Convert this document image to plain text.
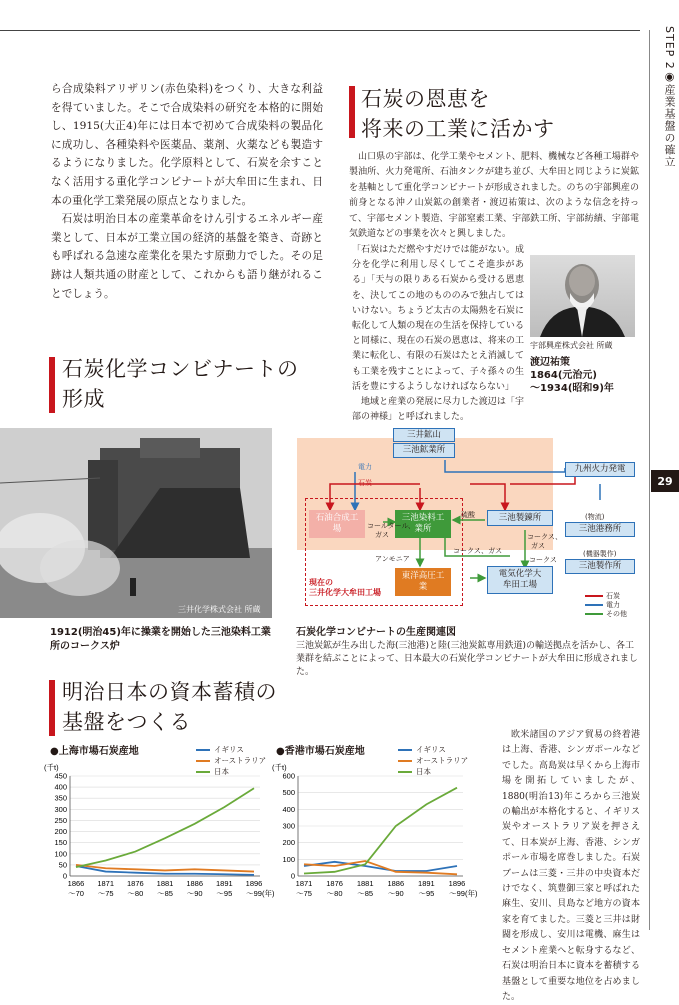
STEP 2◉産業基盤の確立
29

ら合成染料アリザリン(赤色染料)をつくり、大きな利益を得ていました。そこで合成染料の研究を本格的に開始し、1915(大正4)年には日本で初めて合成染料の製品化に成功し、各種染料や医薬品、薬剤、火薬なども製造するようになりました。化学原料として、石炭を余すことなく活用する重化学コンビナートが大牟田に生まれ、日本の重化学工業発展の原点となりました。

石炭は明治日本の産業革命をけん引するエネルギー産業として、日本が工業立国の経済的基盤を築き、奇跡とも呼ばれる急速な産業化を果たす原動力でした。その足跡は人類共通の財産として、これからも語り継がれることでしょう。

石炭の恩恵を
将来の工業に活かす
山口県の宇部は、化学工業やセメント、肥料、機械など各種工場群や製油所、火力発電所、石油タンクが建ち並び、大牟田と同じように炭鉱を基軸として重化学コンビナートが形成されました。のちの宇部興産の前身となる沖ノ山炭鉱の創業者・渡辺祐策は、次のような信念を持って、宇部セメント製造、宇部窒素工業、宇部鉄工所、宇部紡績、宇部電気鉄道などの事業を次々と興しました。
「石炭はただ燃やすだけでは能がない。成分を化学に利用し尽くしてこそ進歩がある」「天与の限りある石炭から受ける恩恵を、決してこの地のもののみで独占してはいけない。ちょうど太古の太陽熱を石炭に転化して人類の現在の生活を保持していると同様に、現在の石炭の恩恵は、将来の工業に転化し、有限の石炭はたとえ消滅しても工業を残すことによって、子々孫々の生活を豊にするようしなければならない」
地域と産業の発展に尽力した渡辺は「宇部の神様」と呼ばれました。
宇部興産株式会社 所蔵
渡辺祐策
1864(元治元)
〜1934(昭和9)年
石炭化学コンビナートの
形成
三井化学株式会社 所蔵
1912(明治45)年に操業を開始した三池染料工業
所のコークス炉
三井鉱山
三池鉱業所
九州火力発電
石油合成工場
三池染料工業所
三池製錬所
三池港務所
三池製作所
東洋高圧工業
電気化学大牟田工場
現在の
三井化学大牟田工場
(物流)
(機器製作)
電力
石炭
コールタール、
ガス
硫酸
コークス、ガス
コークス、
ガス
アンモニア	コークス
石炭
電力
その他
石炭化学コンビナートの生産関連図
三池炭鉱が生み出した海(三池港)と陸(三池炭鉱専用鉄道)の輸送拠点を活かし、各工業群を結ぶことによって、日本最大の石炭化学コンビナートが大牟田に形成されました。
明治日本の資本蓄積の
基盤をつくる
欧米諸国のアジア貿易の終着港は上海、香港、シンガポールなどでした。高島炭は早くから上海市場を開拓していましたが、1880(明治13)年ころから三池炭の輸出が本格化すると、イギリス炭やオーストラリア炭を押さえて、日本炭が上海、香港、シンガポール市場を席巻しました。石炭ブームは三菱・三井の中央資本だけでなく、筑豊御三家と呼ばれた麻生、安川、貝島など地方の資本家を育てました。三菱と三井は財閥を形成し、安川は電機、麻生はセメント産業へと転身するなど、石炭は明治日本に資本を蓄積する基盤として重要な地位を占めました。
●上海市場石炭産地	●香港市場石炭産地
イギリス
オーストラリア
日本
イギリス
オーストラリア
日本
(千t)
0
50
100
150
200
250
300
350
400
450
1866
〜70
1871
〜75
1876
〜80
1881
〜85
1886
〜90
1891
〜95
1896
〜99 (年)
(千t)
0
100
200
300
400
500
600
1871
〜75
1876
〜80
1881
〜85
1886
〜90
1891
〜95
1896
〜99 (年)
